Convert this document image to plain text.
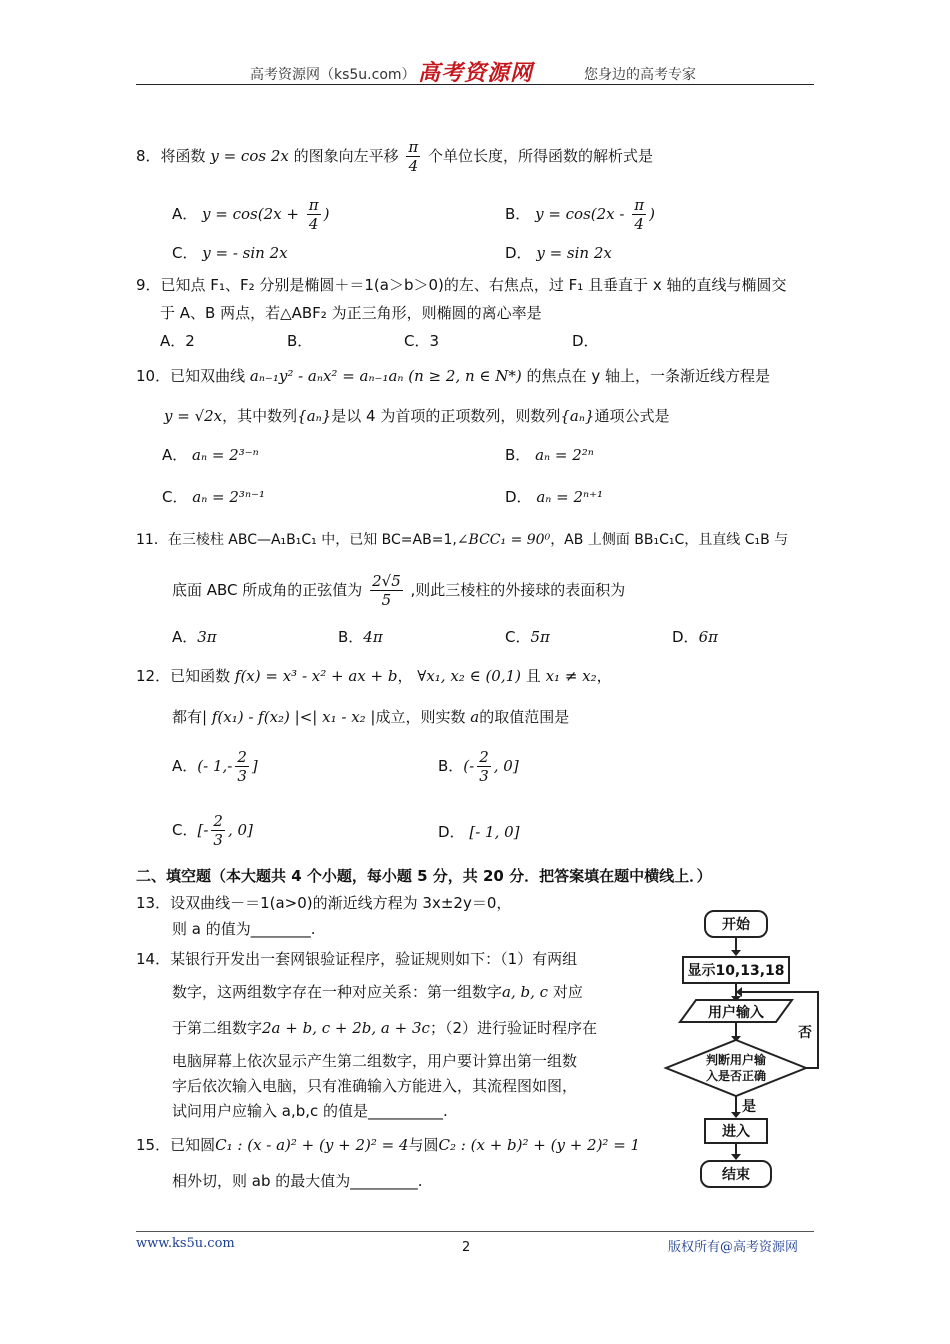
高考资源网（ks5u.com） 高考资源网	您身边的高考专家
8．将函数 y = cos 2x 的图象向左平移 $\frac{\pi}{4}$ 个单位长度，所得函数的解析式是
A． $y = \cos(2x + \frac{\pi}{4}$ )	B． $y = \cos(2x - \frac{\pi}{4}$ )
C． y = - sin 2x	D． y = sin 2x
9．已知点 F₁、F₂ 分别是椭圆＋＝1(a＞b＞0)的左、右焦点，过 F₁ 且垂直于 x 轴的直线与椭圆交
于 A、B 两点，若△ABF₂ 为正三角形，则椭圆的离心率是
A．2	B．	C．3	D．
10．已知双曲线 aₙ₋₁y² - aₙx² = aₙ₋₁aₙ (n ≥ 2, n ∈ N*) 的焦点在 y 轴上，一条渐近线方程是
y = √2x，其中数列{aₙ}是以 4 为首项的正项数列，则数列{aₙ}通项公式是
A． aₙ = 2³⁻ⁿ	B． aₙ = 2²ⁿ
C． aₙ = 2³ⁿ⁻¹	D． aₙ = 2ⁿ⁺¹
11．在三棱柱 ABC—A₁B₁C₁ 中，已知 BC=AB=1,∠BCC₁ = 90⁰，AB 丄侧面 BB₁C₁C，且直线 C₁B 与
底面 ABC 所成角的正弦值为 $\frac{2√5}{5}$ ,则此三棱柱的外接球的表面积为
A．3π	B．4π	C．5π	D．6π
12．已知函数 f(x) = x³ - x² + ax + b， ∀x₁, x₂ ∈ (0,1) 且 x₁ ≠ x₂，
都有| f(x₁) - f(x₂) |<| x₁ - x₂ |成立，则实数 a的取值范围是
A．(- $1,- \frac{2}{3}$ ]	B．(- $\frac{2}{3}$ , 0]
C．[- $\frac{2}{3}$ , 0]	D． [- 1, 0]
二、填空题（本大题共 4 个小题，每小题 5 分，共 20 分．把答案填在题中横线上．）
13．设双曲线－＝1(a>0)的渐近线方程为 3x±2y＝0，
则 a 的值为________.
14．某银行开发出一套网银验证程序，验证规则如下：（1）有两组
数字，这两组数字存在一种对应关系：第一组数字a, b, c 对应
于第二组数字2a + b, c + 2b, a + 3c；（2）进行验证时程序在
电脑屏幕上依次显示产生第二组数字，用户要计算出第一组数
字后依次输入电脑，只有准确输入方能进入，其流程图如图，
试问用户应输入 a,b,c 的值是__________.
15．已知圆C₁ : (x - a)² + (y + 2)² = 4与圆C₂ : (x + b)² + (y + 2)² = 1
相外切，则 ab 的最大值为_________.
开始
显示10,13,18
用户输入
判断用户输
入是否正确
是
否
进入
结束
www.ks5u.com	2	版权所有@高考资源网
